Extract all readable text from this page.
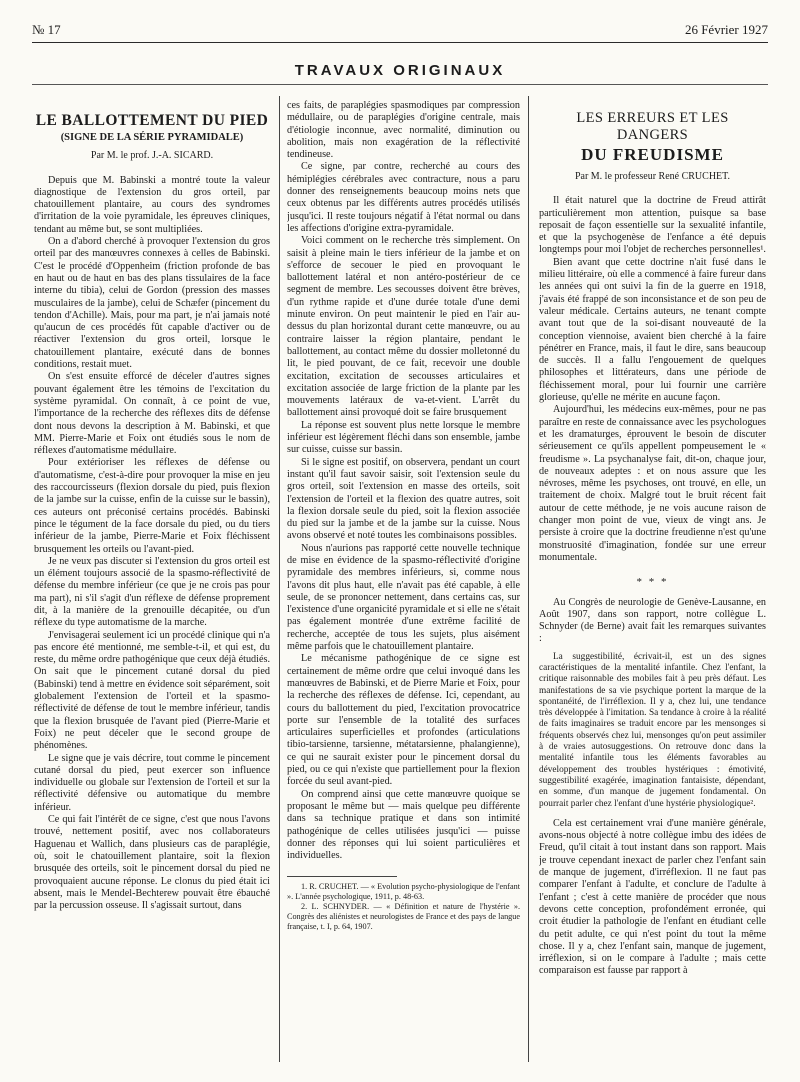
№ 17	26 Février 1927
TRAVAUX ORIGINAUX

LE BALLOTTEMENT DU PIED

(SIGNE DE LA SÉRIE PYRAMIDALE)

Par M. le prof. J.-A. SICARD.

Depuis que M. Babinski a montré toute la valeur diagnostique de l'extension du gros orteil, par chatouillement plantaire, au cours des syndromes d'irritation de la voie pyramidale, les épreuves cliniques, tendant au même but, se sont multipliées.

On a d'abord cherché à provoquer l'extension du gros orteil par des manœuvres connexes à celles de Babinski. C'est le procédé d'Oppenheim (friction profonde de bas en haut ou de haut en bas des plans tissulaires de la face interne du tibia), celui de Gordon (pression des masses musculaires de la jambe), celui de Schæfer (pincement du tendon d'Achille). Mais, pour ma part, je n'ai jamais noté qu'aucun de ces procédés fût capable d'activer ou de réactiver l'extension du gros orteil, lorsque le chatouillement plantaire, exécuté dans de bonnes conditions, restait muet.

On s'est ensuite efforcé de déceler d'autres signes pouvant également être les témoins de l'excitation du système pyramidal. On connaît, à ce point de vue, l'importance de la recherche des réflexes dits de défense dont nous devons la description à M. Babinski, et que MM. Pierre-Marie et Foix ont étudiés sous le nom de réflexes d'automatisme médullaire.

Pour extérioriser les réflexes de défense ou d'automatisme, c'est-à-dire pour provoquer la mise en jeu des raccourcisseurs (flexion dorsale du pied, puis flexion de la jambe sur la cuisse, enfin de la cuisse sur le bassin), ces auteurs ont préconisé certains procédés. Babinski pince le tégument de la face dorsale du pied, ou du tiers inférieur de la jambe, Pierre-Marie et Foix fléchissent brusquement les orteils ou l'avant-pied.

Je ne veux pas discuter si l'extension du gros orteil est un élément toujours associé de la spasmo-réflectivité de défense du membre inférieur (ce que je ne crois pas pour ma part), ni s'il s'agit d'un réflexe de défense proprement dit, à la manière de la grenouille décapitée, ou d'un réflexe du type automatisme de la marche.

J'envisagerai seulement ici un procédé clinique qui n'a pas encore été mentionné, me semble-t-il, et qui est, du reste, du même ordre pathogénique que ceux déjà étudiés. On sait que le pincement cutané dorsal du pied (Babinski) tend à mettre en évidence soit séparément, soit globalement l'extension de l'orteil et la spasmo-réflectivité de défense de tout le membre inférieur, tandis que la flexion brusquée de l'avant pied (Pierre-Marie et Foix) ne peut déceler que le second groupe de phénomènes.

Le signe que je vais décrire, tout comme le pincement cutané dorsal du pied, peut exercer son influence individuelle ou globale sur l'extension de l'orteil et sur la réflectivité défensive ou automatique du membre inférieur.

Ce qui fait l'intérêt de ce signe, c'est que nous l'avons trouvé, nettement positif, avec nos collaborateurs Haguenau et Wallich, dans plusieurs cas de paraplégie, où, soit le chatouillement plantaire, soit la flexion brusquée des orteils, soit le pincement dorsal du pied ne provoquaient aucune réponse. Le clonus du pied était ici absent, mais le Mendel-Bechterew pouvait être ébauché par la percussion osseuse. Il s'agissait surtout, dans

ces faits, de paraplégies spasmodiques par compression médullaire, ou de paraplégies d'origine centrale, mais d'étiologie inconnue, avec normalité, diminution ou abolition, mais non exagération de la réflectivité tendineuse.

Ce signe, par contre, recherché au cours des hémiplégies cérébrales avec contracture, nous a paru donner des renseignements beaucoup moins nets que ceux obtenus par les différents autres procédés utilisés jusqu'ici. Il reste toujours négatif à l'état normal ou dans les affections d'origine extra-pyramidale.

Voici comment on le recherche très simplement. On saisit à pleine main le tiers inférieur de la jambe et on s'efforce de secouer le pied en provoquant le ballottement latéral et non antéro-postérieur de ce segment de membre. Les secousses doivent être brèves, d'un rythme rapide et d'une durée totale d'une demi minute environ. On peut maintenir le pied en l'air au-dessus du plan horizontal durant cette manœuvre, ou au contraire laisser la région plantaire, pendant le ballottement, au contact même du dossier molletonné du lit, le pied pouvant, de ce fait, recevoir une double excitation, excitation de secousses articulaires et excitation associée de large friction de la plante par les mouvements latéraux de va-et-vient. L'arrêt du ballottement ainsi provoqué doit se faire brusquement

La réponse est souvent plus nette lorsque le membre inférieur est légèrement fléchi dans son ensemble, jambe sur cuisse, cuisse sur bassin.

Si le signe est positif, on observera, pendant un court instant qu'il faut savoir saisir, soit l'extension seule du gros orteil, soit l'extension en masse des orteils, soit l'extension de l'orteil et la flexion des quatre autres, soit la flexion dorsale seule du pied, soit la flexion associée du pied sur la jambe et de la jambe sur la cuisse. Nous avons observé et noté toutes les combinaisons possibles.

Nous n'aurions pas rapporté cette nouvelle technique de mise en évidence de la spasmo-réflectivité d'origine pyramidale des membres inférieurs, si, comme nous l'avons dit plus haut, elle n'avait pas été capable, à elle seule, de se prononcer nettement, dans certains cas, sur l'existence d'une organicité pyramidale et si elle ne s'était pas également montrée d'une extrême facilité de recherche, acceptée de tous les sujets, plus aisément même parfois que le chatouillement plantaire.

Le mécanisme pathogénique de ce signe est certainement de même ordre que celui invoqué dans les manœuvres de Babinski, et de Pierre Marie et Foix, pour la recherche des réflexes de défense. Ici, cependant, au cours du ballottement du pied, l'excitation provocatrice porte sur l'ensemble de la totalité des surfaces articulaires superficielles et profondes (articulations tibio-tarsienne, tarsienne, métatarsienne, phalangienne), ce qui ne saurait exister pour le pincement dorsal du pied, ou ce qui n'existe que partiellement pour la flexion forcée du seul avant-pied.

On comprend ainsi que cette manœuvre quoique se proposant le même but — mais quelque peu différente dans sa technique pratique et dans son intimité pathogénique de celles utilisées jusqu'ici — puisse donner des réponses qui lui soient particulières et individuelles.

1. R. CRUCHET. — « Evolution psycho-physiologique de l'enfant ». L'année psychologique, 1911, p. 48-63.

2. L. SCHNYDER. — « Définition et nature de l'hystérie ». Congrès des aliénistes et neurologistes de France et des pays de langue française, t. I, p. 64, 1907.

LES ERREURS ET LES DANGERS

DU FREUDISME

Par M. le professeur René CRUCHET.

Il était naturel que la doctrine de Freud attirât particulièrement mon attention, puisque sa base reposait de façon essentielle sur la sexualité infantile, et que la psychogenèse de l'enfance a été depuis longtemps pour moi l'objet de recherches personnelles¹.

Bien avant que cette doctrine n'ait fusé dans le milieu littéraire, où elle a commencé à faire fureur dans les années qui ont suivi la fin de la guerre en 1918, j'avais été frappé de son inconsistance et de son peu de valeur médicale. Certains auteurs, ne tenant compte avant tout que de la soi-disant nouveauté de la conception viennoise, avaient bien cherché à la faire pénétrer en France, mais, il faut le dire, sans beaucoup de succès. Il a fallu l'engouement de quelques philosophes et littérateurs, dans une période de fléchissement moral, pour lui fournir une carrière glorieuse, qu'elle ne mérite en aucune façon.

Aujourd'hui, les médecins eux-mêmes, pour ne pas paraître en reste de connaissance avec les psychologues et les dramaturges, éprouvent le besoin de discuter sérieusement ce qu'ils appellent pompeusement le « freudisme ». La psychanalyse fait, dit-on, chaque jour, de nouveaux adeptes : et on nous assure que les névroses, même les psychoses, ont trouvé, en elle, un traitement de choix. Malgré tout le bruit récent fait autour de cette méthode, je ne vois aucune raison de changer mon point de vue, vieux de vingt ans. Je persiste à croire que la doctrine freudienne n'est qu'une monstruosité d'imagination, fondée sur une erreur monumentale.

* * *

Au Congrès de neurologie de Genève-Lausanne, en Août 1907, dans son rapport, notre collègue L. Schnyder (de Berne) avait fait les remarques suivantes :

La suggestibilité, écrivait-il, est un des signes caractéristiques de la mentalité infantile. Chez l'enfant, la critique raisonnable des mobiles fait à peu près défaut. Les manifestations de sa vie psychique portent la marque de la spontanéité, de l'irréflexion. Il y a, chez lui, une tendance très développée à l'imitation. Sa tendance à croire à la réalité de faits imaginaires se traduit encore par les mensonges si fréquents observés chez lui, mensonges qu'on peut assimiler à de vraies autosuggestions. On retrouve donc dans la mentalité infantile tous les éléments favorables au développement des troubles hystériques : émotivité, suggestibilité exagérée, imagination fantaisiste, dépendant, en somme, d'un manque de jugement fondamental. On pourrait parler chez l'enfant d'une hystérie physiologique².

Cela est certainement vrai d'une manière générale, avons-nous objecté à notre collègue imbu des idées de Freud, qu'il citait à tout instant dans son rapport. Mais je trouve cependant inexact de parler chez l'enfant sain de manque de jugement, d'irréflexion. Il ne faut pas comparer l'enfant à l'adulte, et conclure de l'adulte à l'enfant ; c'est à cette manière de procéder que nous devons cette conception, profondément erronée, qui croit étudier la pathologie de l'enfant en étudiant celle du petit adulte, ce qui n'est point du tout la même chose. Il y a, chez l'enfant sain, manque de jugement, irréflexion, si on le compare à l'adulte ; mais cette comparaison est fausse par rapport à
